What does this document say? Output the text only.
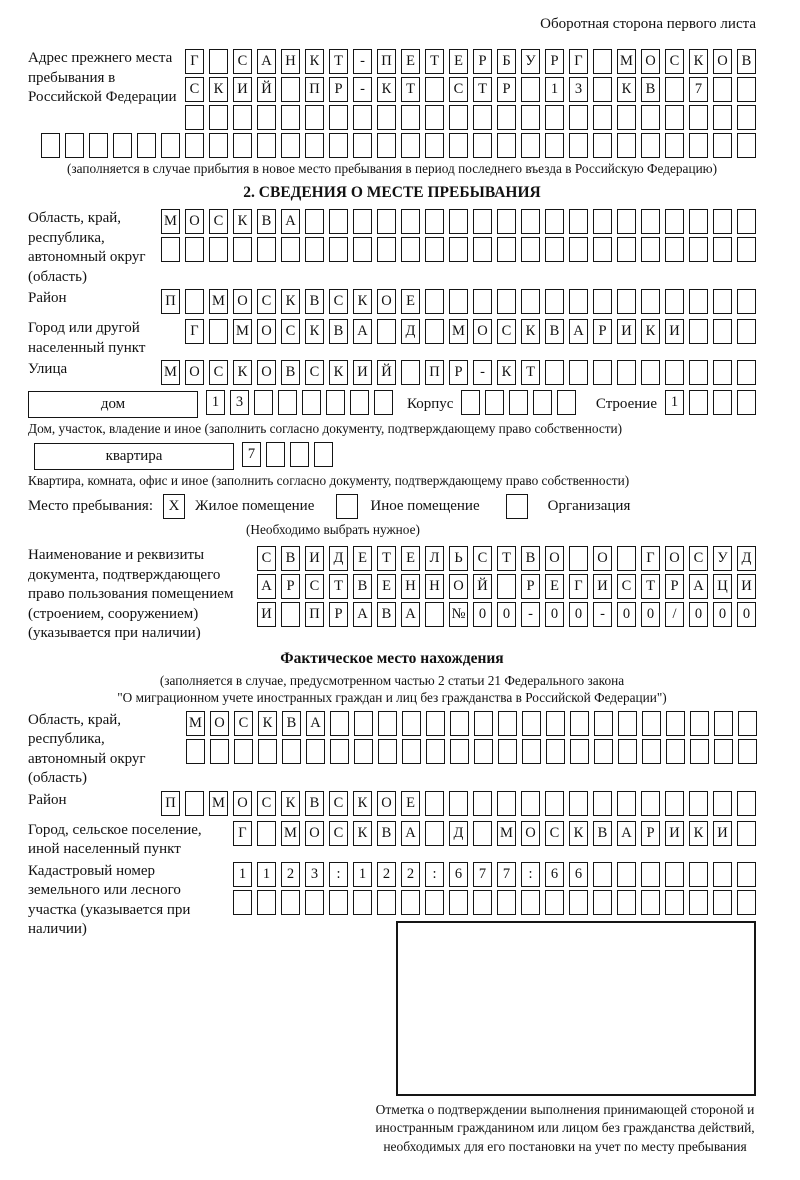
Оборотная сторона первого листа
Адрес прежнего места пребывания в Российской Федерации
Г	С А Н К	Т	-	П Е	Т	Е	Р	Б	У	Р	Г	М О С К О В
С К И Й	П	Р	-	К	Т	С	Т	Р	1	3	К В	7
(заполняется в случае прибытия в новое место пребывания в период последнего въезда в Российскую Федерацию)
2. СВЕДЕНИЯ О МЕСТЕ ПРЕБЫВАНИЯ
Область, край, республика, автономный округ (область)
М О С К В А
Район	П	М О С К В С К О Е
Город или другой населенный пункт
Г	М О С К В А	Д	М О С К В А	Р	И К И
Улица	М О С К О В С К И Й	П	Р	-	К	Т
дом	1	3	Корпус	Строение 1
Дом, участок, владение и иное (заполнить согласно документу, подтверждающему право собственности)
квартира	7
Квартира, комната, офис и иное (заполнить согласно документу, подтверждающему право собственности)
Место пребывания:	X	Жилое помещение	Иное помещение	Организация
(Необходимо выбрать нужное)
Наименование и реквизиты документа, подтверждающего право пользования помещением (строением, сооружением) (указывается при наличии)
С В И Д	Е	Т	Е	Л	Ь	С	Т	В О	О	Г	О С У Д
А	Р	С	Т	В	Е Н Н О Й	Р	Е	Г	И С	Т	Р	А Ц И
И	П	Р	А В А № 0	0	-	0	0	-	0	0	/	0	0	0
Фактическое место нахождения
(заполняется в случае, предусмотренном частью 2 статьи 21 Федерального закона
"О миграционном учете иностранных граждан и лиц без гражданства в Российской Федерации")
Область, край, республика, автономный округ (область)
М О С К В А
Район	П	М О С К В С К О Е
Город, сельское поселение, иной населенный пункт
Г	М О С К В А	Д	М О С К В А	Р	И К И
Кадастровый номер земельного или лесного участка (указывается при наличии)
1	1	2	3	:	1	2	2	:	6	7	7	:	6	6
Отметка о подтверждении выполнения принимающей стороной и иностранным гражданином или лицом без гражданства действий, необходимых для его постановки на учет по месту пребывания
